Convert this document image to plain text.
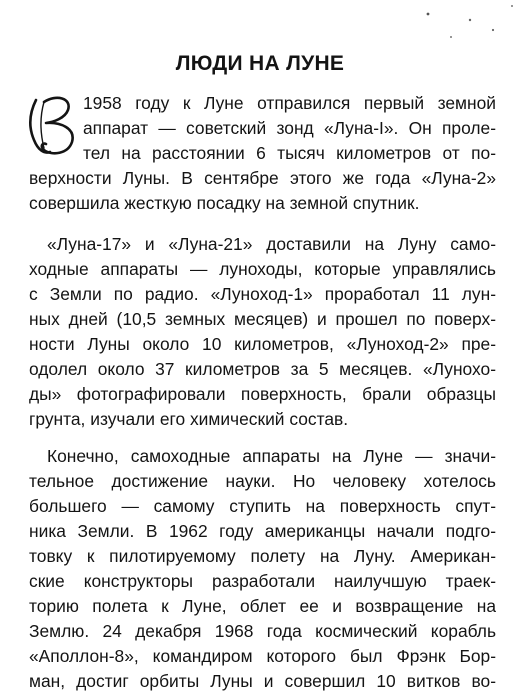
ЛЮДИ НА ЛУНЕ
1958 году к Луне отправился первый земной
аппарат — советский зонд «Луна-I». Он проле-
тел на расстоянии 6 тысяч километров от по-
верхности Луны. В сентябре этого же года «Луна-2»
совершила жесткую посадку на земной спутник.
«Луна-17» и «Луна-21» доставили на Луну само-
ходные аппараты — луноходы, которые управлялись
с Земли по радио. «Луноход-1» проработал 11 лун-
ных дней (10,5 земных месяцев) и прошел по поверх-
ности Луны около 10 километров, «Луноход-2» пре-
одолел около 37 километров за 5 месяцев. «Лунохо-
ды» фотографировали поверхность, брали образцы
грунта, изучали его химический состав.
Конечно, самоходные аппараты на Луне — значи-
тельное достижение науки. Но человеку хотелось
большего — самому ступить на поверхность спут-
ника Земли. В 1962 году американцы начали подго-
товку к пилотируемому полету на Луну. Американ-
ские конструкторы разработали наилучшую траек-
торию полета к Луне, облет ее и возвращение на
Землю. 24 декабря 1968 года космический корабль
«Аполлон-8», командиром которого был Фрэнк Бор-
ман, достиг орбиты Луны и совершил 10 витков во-
